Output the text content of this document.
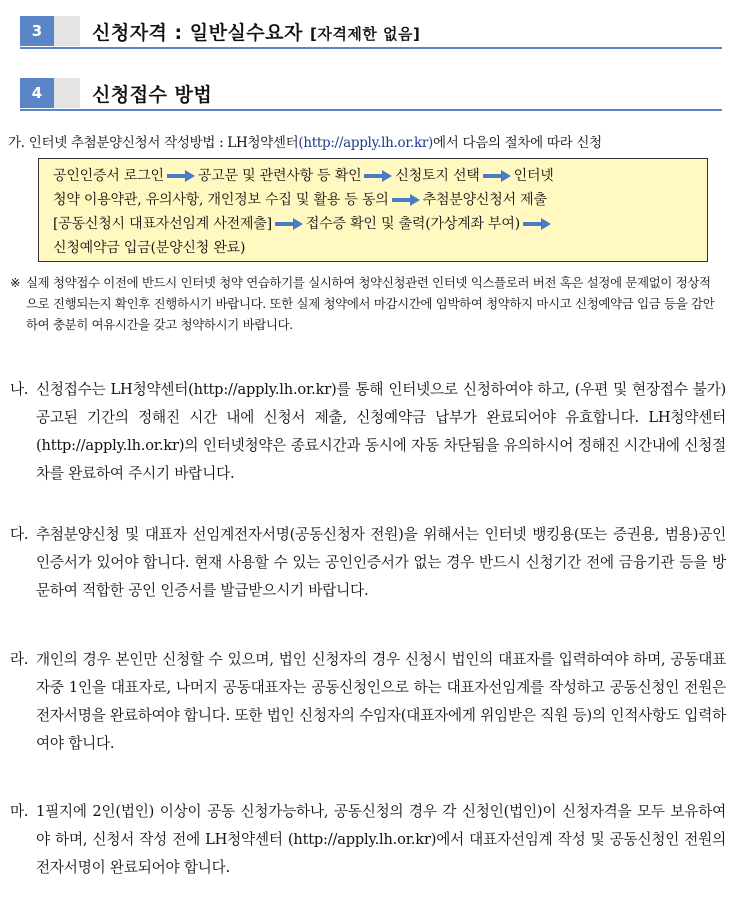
3	신청자격 : 일반실수요자 [자격제한 없음]
4	신청접수 방법
가. 인터넷 추첨분양신청서 작성방법 : LH청약센터(http://apply.lh.or.kr)에서 다음의 절차에 따라 신청
공인인증서 로그인 공고문 및 관련사항 등 확인 신청토지 선택 인터넷
청약 이용약관, 유의사항, 개인정보 수집 및 활용 등 동의 추첨분양신청서 제출
[공동신청시 대표자선임계 사전제출] 접수증 확인 및 출력(가상계좌 부여)
신청예약금 입금(분양신청 완료)
※ 실제 청약접수 이전에 반드시 인터넷 청약 연습하기를 실시하여 청약신청관련 인터넷 익스플로러 버전 혹은 설정에 문제없이 정상적으로 진행되는지 확인후 진행하시기 바랍니다. 또한 실제 청약에서 마감시간에 임박하여 청약하지 마시고 신청예약금 입금 등을 감안하여 충분히 여유시간을 갖고 청약하시기 바랍니다.
나. 신청접수는 LH청약센터(http://apply.lh.or.kr)를 통해 인터넷으로 신청하여야 하고, (우편 및 현장접수 불가) 공고된 기간의 정해진 시간 내에 신청서 제출, 신청예약금 납부가 완료되어야 유효합니다. LH청약센터(http://apply.lh.or.kr)의 인터넷청약은 종료시간과 동시에 자동 차단됨을 유의하시어 정해진 시간내에 신청절차를 완료하여 주시기 바랍니다.
다. 추첨분양신청 및 대표자 선임계전자서명(공동신청자 전원)을 위해서는 인터넷 뱅킹용(또는 증권용, 범용)공인인증서가 있어야 합니다. 현재 사용할 수 있는 공인인증서가 없는 경우 반드시 신청기간 전에 금융기관 등을 방문하여 적합한 공인 인증서를 발급받으시기 바랍니다.
라. 개인의 경우 본인만 신청할 수 있으며, 법인 신청자의 경우 신청시 법인의 대표자를 입력하여야 하며, 공동대표자중 1인을 대표자로, 나머지 공동대표자는 공동신청인으로 하는 대표자선임계를 작성하고 공동신청인 전원은 전자서명을 완료하여야 합니다. 또한 법인 신청자의 수임자(대표자에게 위임받은 직원 등)의 인적사항도 입력하여야 합니다.
마. 1필지에 2인(법인) 이상이 공동 신청가능하나, 공동신청의 경우 각 신청인(법인)이 신청자격을 모두 보유하여야 하며, 신청서 작성 전에 LH청약센터 (http://apply.lh.or.kr)에서 대표자선임계 작성 및 공동신청인 전원의 전자서명이 완료되어야 합니다.
